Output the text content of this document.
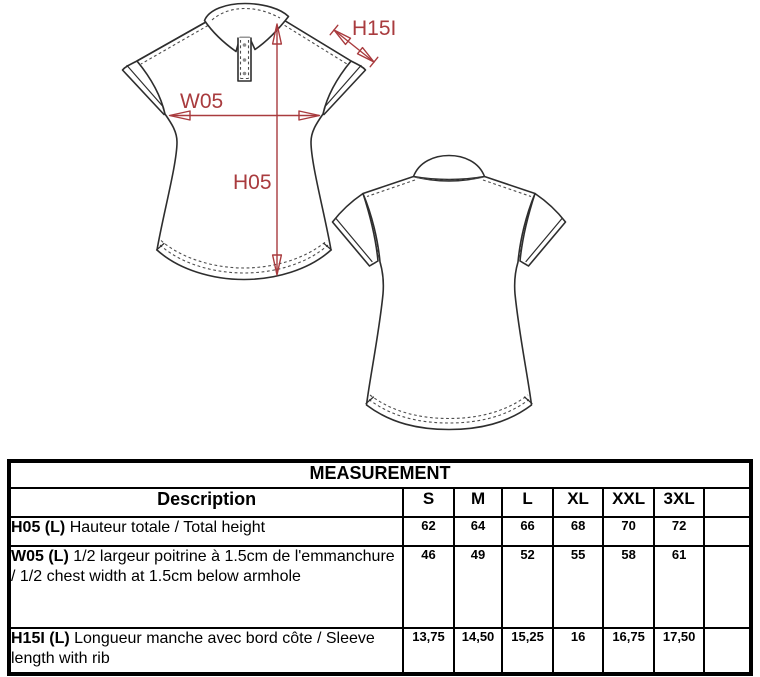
H05
W05
H15I
MEASUREMENT							
Description	S	M	L	XL	XXL	3XL	
H05 (L) Hauteur totale / Total height	62	64	66	68	70	72	
W05 (L) 1/2 largeur poitrine à 1.5cm de l'emmanchure / 1/2 chest width at 1.5cm below armhole	46	49	52	55	58	61	
H15I (L) Longueur manche avec bord côte / Sleeve length with rib	13,75	14,50	15,25	16	16,75	17,50	
